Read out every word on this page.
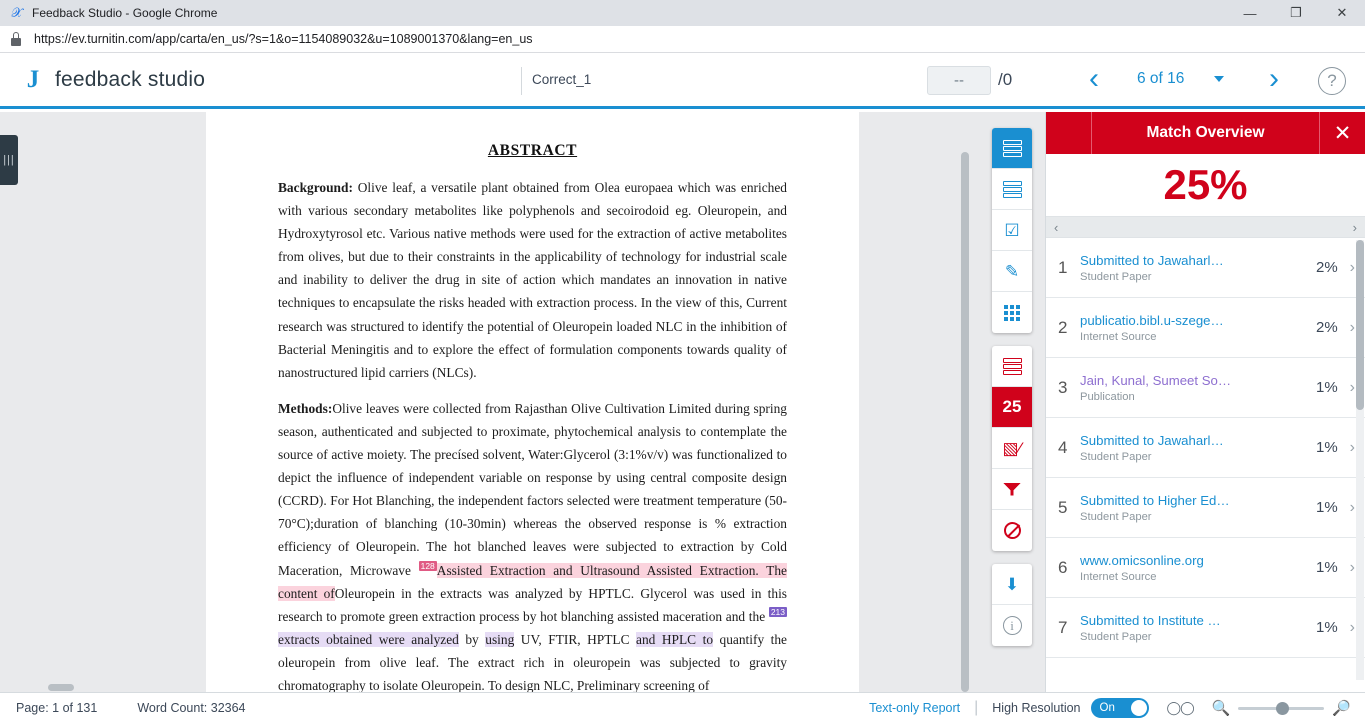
𝒳 Feedback Studio - Google Chrome	—	❐	✕
https://ev.turnitin.com/app/carta/en_us/?s=1&o=1154089032&u=1089001370&lang=en_us
J feedback studio	Correct_1	--	/0	‹	6 of 16	›	?
|||
ABSTRACT

Background: Olive leaf, a versatile plant obtained from Olea europaea which was enriched with various secondary metabolites like polyphenols and secoirodoid eg. Oleuropein, and Hydroxytyrosol etc. Various native methods were used for the extraction of active metabolites from olives, but due to their constraints in the applicability of technology for industrial scale and inability to deliver the drug in site of action which mandates an innovation in native techniques to encapsulate the risks headed with extraction process. In the view of this, Current research was structured to identify the potential of Oleuropein loaded NLC in the inhibition of Bacterial Meningitis and to explore the effect of formulation components towards quality of nanostructured lipid carriers (NLCs).

Methods:Olive leaves were collected from Rajasthan Olive Cultivation Limited during spring season, authenticated and subjected to proximate, phytochemical analysis to contemplate the source of active moiety. The precísed solvent, Water:Glycerol (3:1%v/v) was functionalized to depict the influence of independent variable on response by using central composite design (CCRD). For Hot Blanching, the independent factors selected were treatment temperature (50-70°C);duration of blanching (10-30min) whereas the observed response is % extraction efficiency of Oleuropein. The hot blanched leaves were subjected to extraction by Cold Maceration, Microwave 128 Assisted Extraction and Ultrasound Assisted Extraction. The content ofOleuropein in the extracts was analyzed by HPTLC. Glycerol was used in this research to promote green extraction process by hot blanching assisted maceration and the 213extracts obtained were analyzed by using UV, FTIR, HPTLC and HPLC to quantify the oleuropein from olive leaf. The extract rich in oleuropein was subjected to gravity chromatography to isolate Oleuropein. To design NLC, Preliminary screening of

☑
✎
25
▧⁄
⬇
i
Match Overview	✕
25%
‹	›
1 Submitted to Jawaharl…
Student Paper
2% ›
2 publicatio.bibl.u-szege…
Internet Source
2% ›
3 Jain, Kunal, Sumeet So…
Publication
1% ›
4 Submitted to Jawaharl…
Student Paper
1% ›
5 Submitted to Higher Ed…
Student Paper
1% ›
6 www.omicsonline.org
Internet Source
1% ›
7 Submitted to Institute …
Student Paper
1% ›
Page: 1 of 131	Word Count: 32364	Text-only Report | High Resolution On	◯◯ 🔍	🔎
